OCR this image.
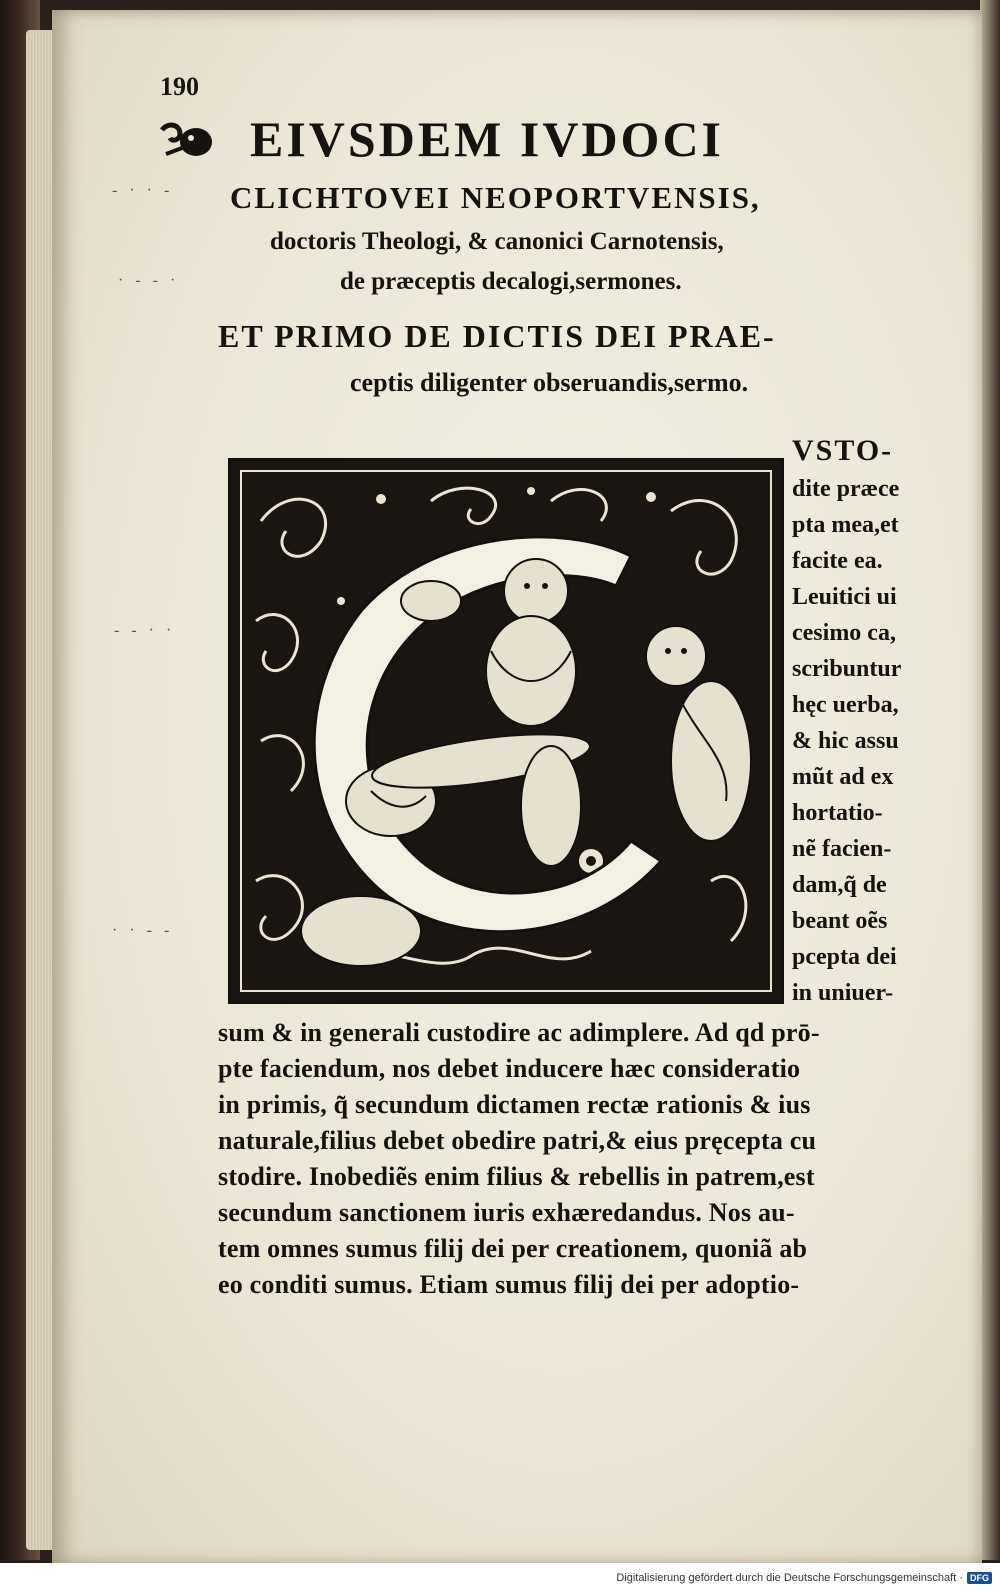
‐ · · ‐
· ‐ ‐ ·
‐ ‐ · ·
· · ‐ ‐
190
EIVSDEM IVDOCI
CLICHTOVEI NEOPORTVENSIS,
doctoris Theologi, & canonici Carnotensis,
de præceptis decalogi,sermones.
ET PRIMO DE DICTIS DEI PRAE-
ceptis diligenter obseruandis,sermo.
VSTO-
dite præce
pta mea,et
facite ea.
Leuitici ui
cesimo ca,
scribuntur
hęc uerba,
& hic assu
mũt ad ex
hortatio-
nẽ facien-
dam,q̃ de
beant oẽs
pcepta dei
in uniuer-
sum & in generali custodire ac adimplere. Ad qd prō-
pte faciendum, nos debet inducere hæc consideratio
in primis, q̃ secundum dictamen rectæ rationis & ius
naturale,filius debet obedire patri,& eius pręcepta cu
stodire. Inobediẽs enim filius & rebellis in patrem,est
secundum sanctionem iuris exhæredandus. Nos au-
tem omnes sumus filij dei per creationem, quoniã ab
eo conditi sumus. Etiam sumus filij dei per adoptio-
Digitalisierung gefördert durch die Deutsche Forschungsgemeinschaft · DFG
